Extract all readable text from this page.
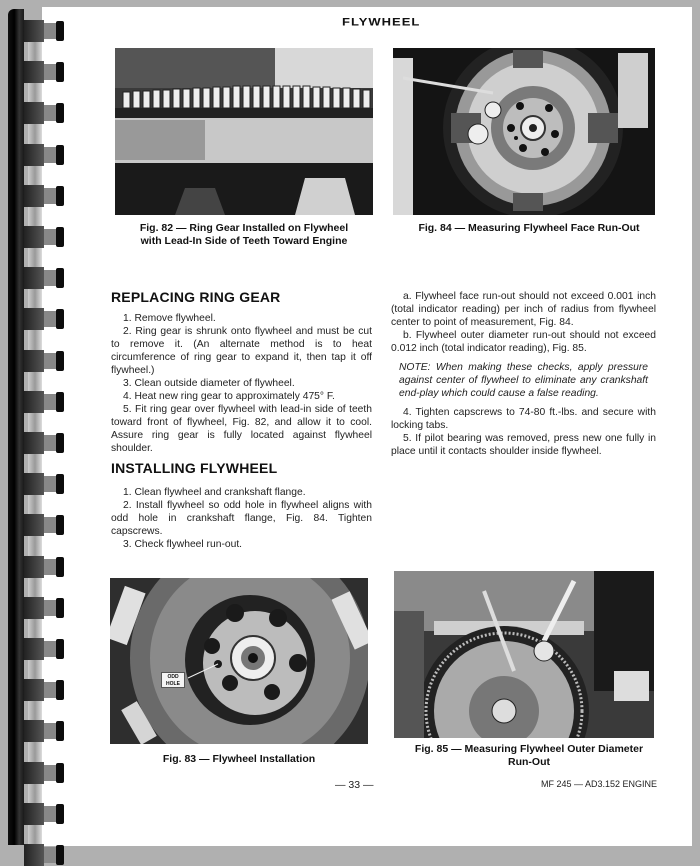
FLYWHEEL
Fig. 82 — Ring Gear Installed on Flywheel
with Lead-In Side of Teeth Toward Engine
Fig. 84 — Measuring Flywheel Face Run-Out
REPLACING RING GEAR

1. Remove flywheel.

2. Ring gear is shrunk onto flywheel and must be cut to remove it. (An alternate method is to heat circumference of ring gear to expand it, then tap it off flywheel.)

3. Clean outside diameter of flywheel.

4. Heat new ring gear to approximately 475° F.

5. Fit ring gear over flywheel with lead-in side of teeth toward front of flywheel, Fig. 82, and allow it to cool. Assure ring gear is fully located against flywheel shoulder.

INSTALLING FLYWHEEL

1. Clean flywheel and crankshaft flange.

2. Install flywheel so odd hole in flywheel aligns with odd hole in crankshaft flange, Fig. 84. Tighten capscrews.

3. Check flywheel run-out.

a. Flywheel face run-out should not exceed 0.001 inch (total indicator reading) per inch of radius from flywheel center to point of measurement, Fig. 84.

b. Flywheel outer diameter run-out should not exceed 0.012 inch (total indicator reading), Fig. 85.

NOTE: When making these checks, apply pressure against center of flywheel to eliminate any crankshaft end-play which could cause a false reading.

4. Tighten capscrews to 74-80 ft.-lbs. and secure with locking tabs.

5. If pilot bearing was removed, press new one fully in place until it contacts shoulder inside flywheel.

ODD
HOLE
Fig. 83 — Flywheel Installation
Fig. 85 — Measuring Flywheel Outer Diameter
Run-Out
— 33 —	MF 245 — AD3.152 ENGINE
